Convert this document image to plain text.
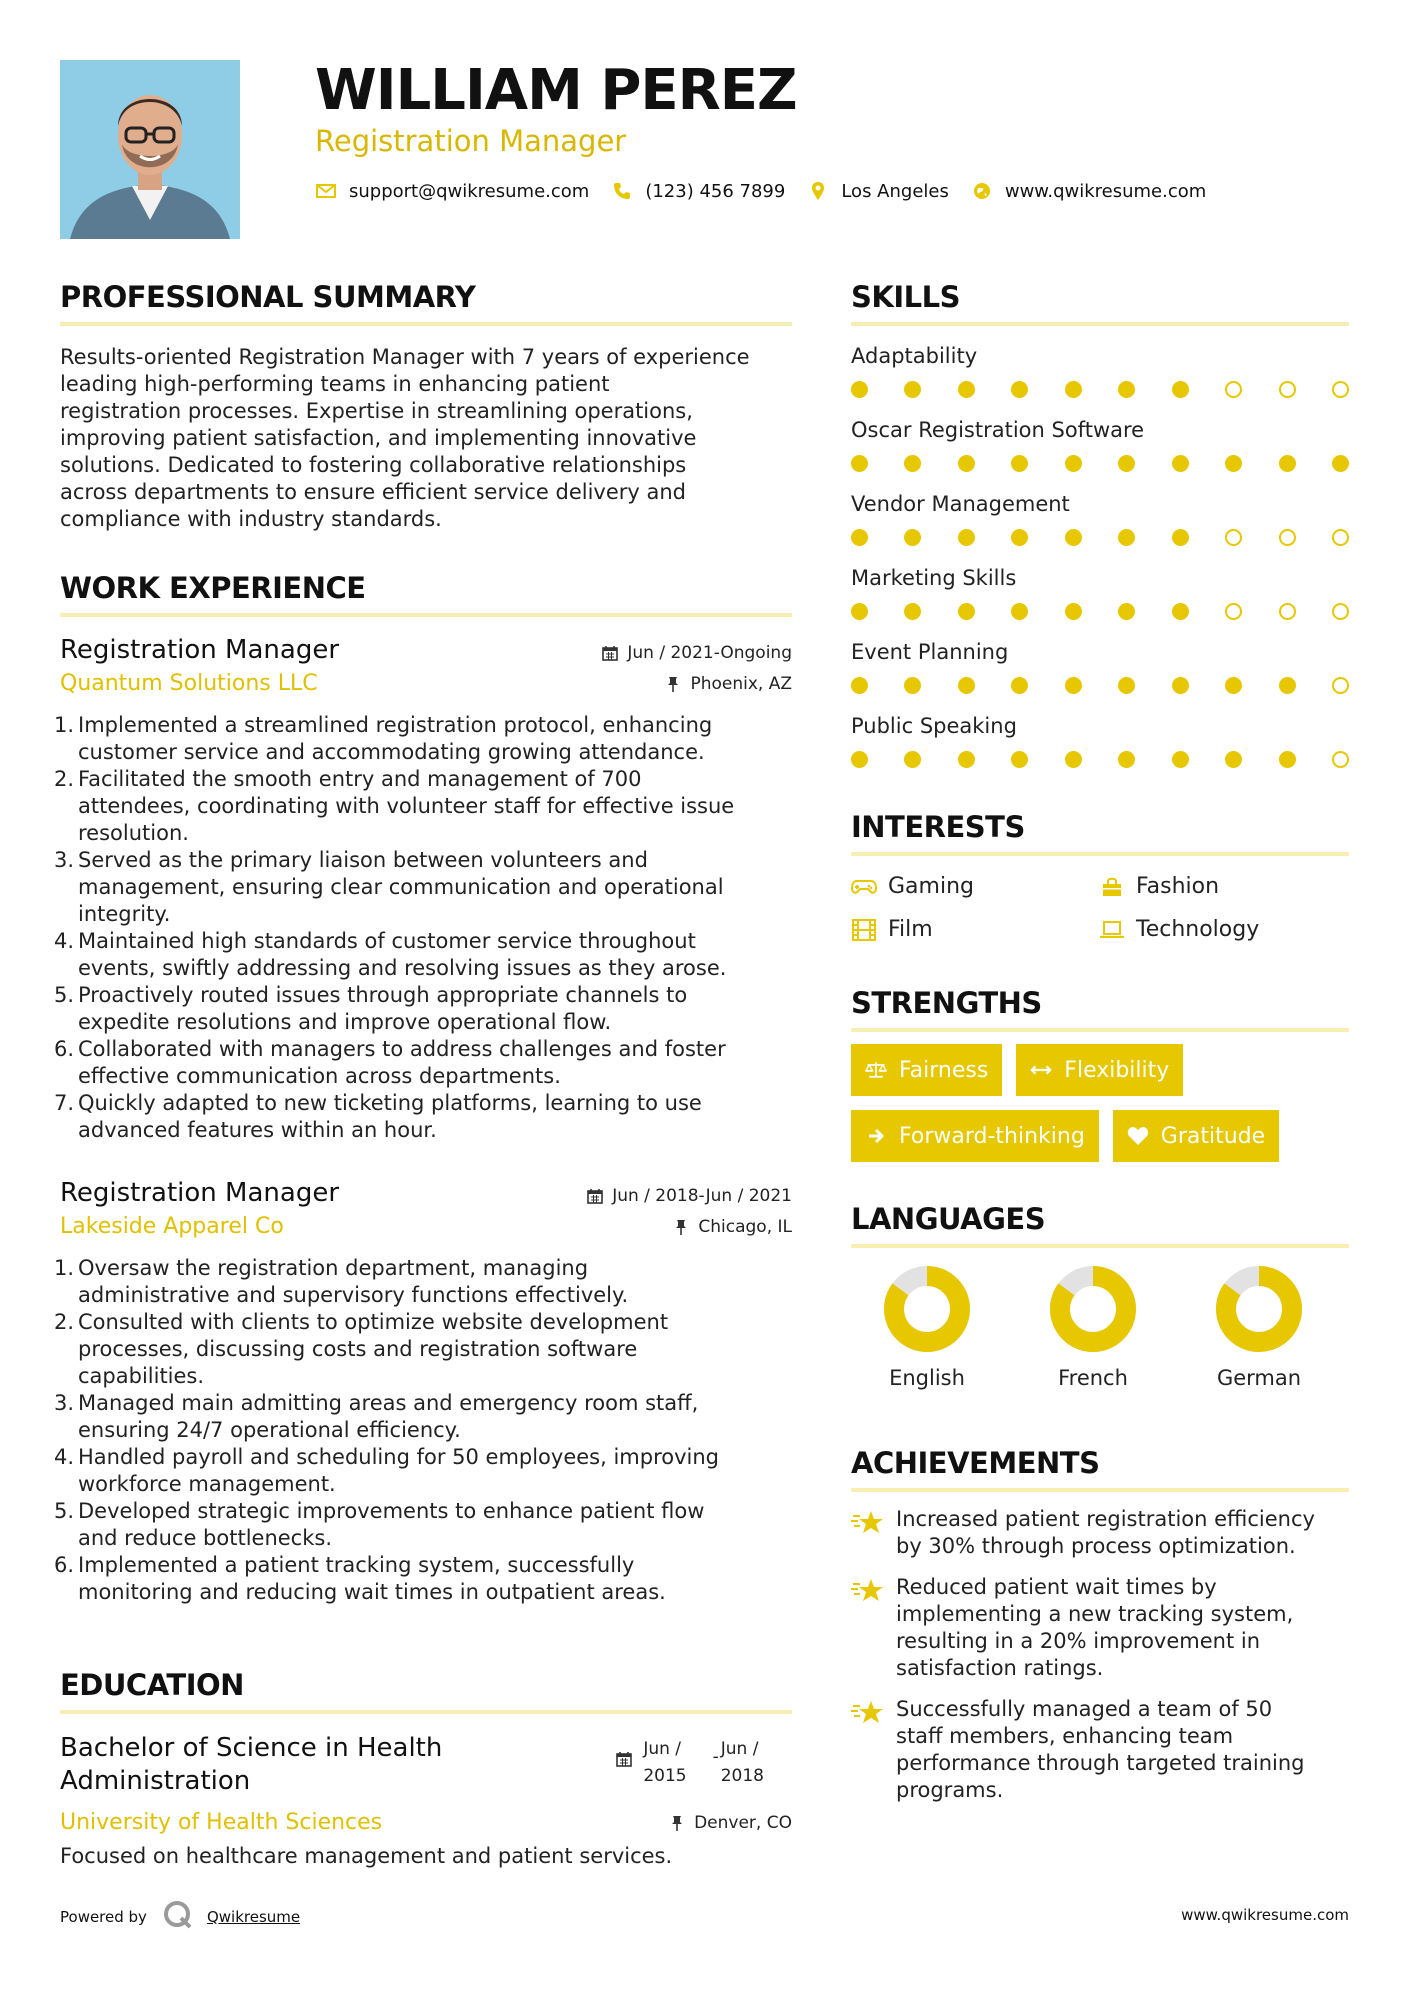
WILLIAM PEREZ
Registration Manager
support@qwikresume.com	(123) 456 7899	Los Angeles	www.qwikresume.com
PROFESSIONAL SUMMARY
Results-oriented Registration Manager with 7 years of experience
leading high-performing teams in enhancing patient
registration processes. Expertise in streamlining operations,
improving patient satisfaction, and implementing innovative
solutions. Dedicated to fostering collaborative relationships
across departments to ensure efficient service delivery and
compliance with industry standards.
WORK EXPERIENCE
Registration Manager	Jun / 2021-Ongoing
Quantum Solutions LLC	Phoenix, AZ
1. Implemented a streamlined registration protocol, enhancing
customer service and accommodating growing attendance.
2. Facilitated the smooth entry and management of 700
attendees, coordinating with volunteer staff for effective issue
resolution.
3. Served as the primary liaison between volunteers and
management, ensuring clear communication and operational
integrity.
4. Maintained high standards of customer service throughout
events, swiftly addressing and resolving issues as they arose.
5. Proactively routed issues through appropriate channels to
expedite resolutions and improve operational flow.
6. Collaborated with managers to address challenges and foster
effective communication across departments.
7. Quickly adapted to new ticketing platforms, learning to use
advanced features within an hour.
Registration Manager	Jun / 2018-Jun / 2021
Lakeside Apparel Co	Chicago, IL
1. Oversaw the registration department, managing
administrative and supervisory functions effectively.
2. Consulted with clients to optimize website development
processes, discussing costs and registration software
capabilities.
3. Managed main admitting areas and emergency room staff,
ensuring 24/7 operational efficiency.
4. Handled payroll and scheduling for 50 employees, improving
workforce management.
5. Developed strategic improvements to enhance patient flow
and reduce bottlenecks.
6. Implemented a patient tracking system, successfully
monitoring and reducing wait times in outpatient areas.
EDUCATION
Bachelor of Science in Health
Administration
Jun /
2015
- Jun /
2018
University of Health Sciences	Denver, CO
Focused on healthcare management and patient services.
SKILLS
Adaptability
Oscar Registration Software
Vendor Management
Marketing Skills
Event Planning
Public Speaking
INTERESTS
Gaming	Fashion
Film	Technology
STRENGTHS
Fairness	Flexibility
Forward-thinking	Gratitude
LANGUAGES
English	French	German
ACHIEVEMENTS
Increased patient registration efficiency
by 30% through process optimization.
Reduced patient wait times by
implementing a new tracking system,
resulting in a 20% improvement in
satisfaction ratings.
Successfully managed a team of 50
staff members, enhancing team
performance through targeted training
programs.
Powered by	Qwikresume	www.qwikresume.com
